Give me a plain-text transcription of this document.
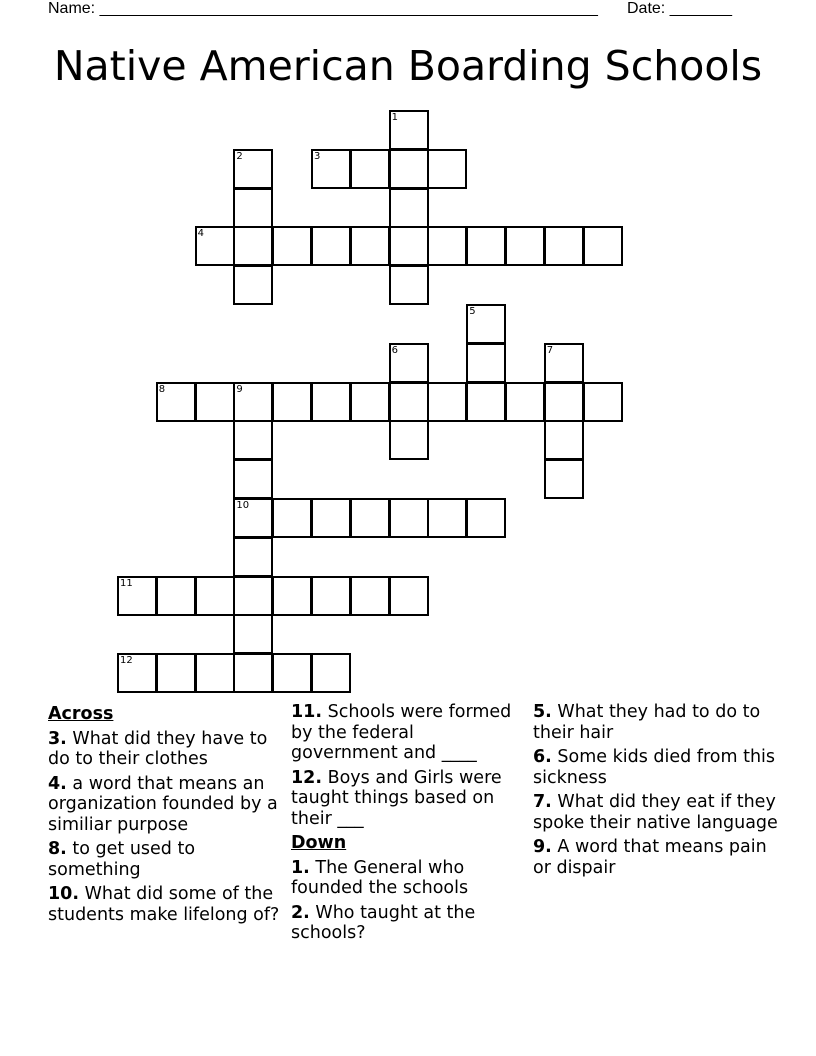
Name: ________________________________________________________ Date: _______
Native American Boarding Schools
1
2	3
4
5
6	7
8	9
10
11
12
Across
3. What did they have to do to their clothes
4. a word that means an organization founded by a similiar purpose
8. to get used to something
10. What did some of the students make lifelong of?
11. Schools were formed by the federal government and ____
12. Boys and Girls were taught things based on their ___
Down
1. The General who founded the schools
2. Who taught at the schools?
5. What they had to do to their hair
6. Some kids died from this sickness
7. What did they eat if they spoke their native language
9. A word that means pain or dispair
